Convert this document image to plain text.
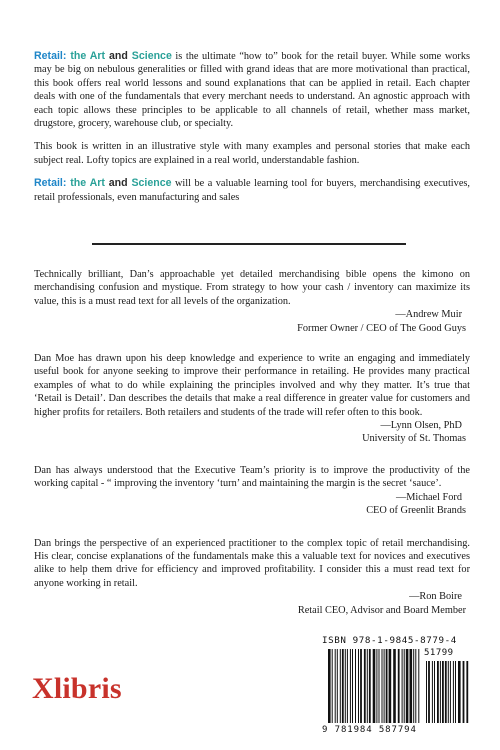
Retail: the Art and Science is the ultimate “how to” book for the retail buyer. While some works may be big on nebulous generalities or filled with grand ideas that are more motivational than practical, this book offers real world lessons and sound explanations that can be applied in retail. Each chapter deals with one of the fundamentals that every merchant needs to understand. An agnostic approach with each topic allows these principles to be applicable to all channels of retail, whether mass market, drugstore, grocery, warehouse club, or specialty.

This book is written in an illustrative style with many examples and personal stories that make each subject real. Lofty topics are explained in a real world, understandable fashion.

Retail: the Art and Science will be a valuable learning tool for buyers, merchandising executives, retail professionals, even manufacturing and sales

Technically brilliant, Dan’s approachable yet detailed merchandising bible opens the kimono on merchandising confusion and mystique. From strategy to how your cash / inventory can maximize its value, this is a must read text for all levels of the organization.

—Andrew Muir
Former Owner / CEO of The Good Guys

Dan Moe has drawn upon his deep knowledge and experience to write an engaging and immediately useful book for anyone seeking to improve their performance in retailing. He provides many practical examples of what to do while explaining the principles involved and why they matter. It’s true that ‘Retail is Detail’. Dan describes the details that make a real difference in greater value for customers and higher profits for retailers. Both retailers and students of the trade will refer often to this book.

—Lynn Olsen, PhD
University of St. Thomas

Dan has always understood that the Executive Team’s priority is to improve the productivity of the working capital - “ improving the inventory ‘turn’ and maintaining the margin is the secret ‘sauce’.

—Michael Ford
CEO of Greenlit Brands

Dan brings the perspective of an experienced practitioner to the complex topic of retail merchandising. His clear, concise explanations of the fundamentals make this a valuable text for novices and executives alike to help them drive for efficiency and improved profitability. I consider this a must read text for anyone working in retail.

—Ron Boire
Retail CEO, Advisor and Board Member
Xlibris
ISBN 978-1-9845-8779-4
51799
9 781984 587794
